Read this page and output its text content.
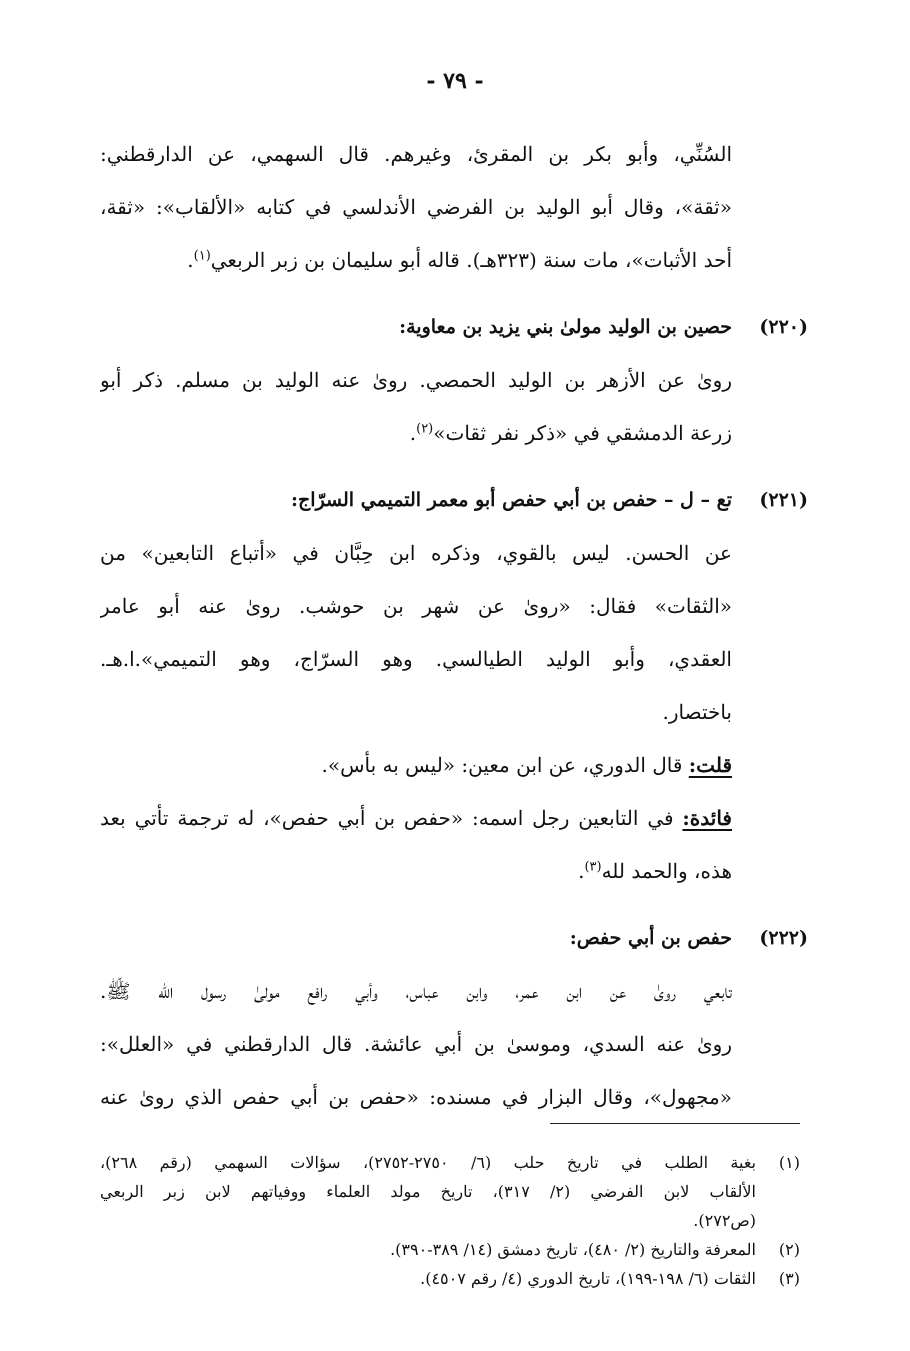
- ٧٩ -
السُنِّي، وأبو بكر بن المقرئ، وغيرهم. قال السهمي، عن الدارقطني:
«ثقة»، وقال أبو الوليد بن الفرضي الأندلسي في كتابه «الألقاب»: «ثقة،
أحد الأثبات»، مات سنة (٣٢٣هـ). قاله أبو سليمان بن زبر الربعي$^{(١)}$.
(٢٢٠)حصين بن الوليد مولىٰ بني يزيد بن معاوية:
روىٰ عن الأزهر بن الوليد الحمصي. روىٰ عنه الوليد بن مسلم. ذكر أبو
زرعة الدمشقي في «ذكر نفر ثقات»$^{(٢)}$.
(٢٢١)تع – ل – حفص بن أبي حفص أبو معمر التميمي السرّاج:
عن الحسن. ليس بالقوي، وذكره ابن حِبَّان في «أتباع التابعين» من
«الثقات» فقال: «روىٰ عن شهر بن حوشب. روىٰ عنه أبو عامر
العقدي، وأبو الوليد الطيالسي. وهو السرّاج، وهو التميمي».ا.هـ.
باختصار.
قلت: قال الدوري، عن ابن معين: «ليس به بأس».
فائدة: في التابعين رجل اسمه: «حفص بن أبي حفص»، له ترجمة تأتي بعد
هذه، والحمد لله$^{(٣)}$.
(٢٢٢)حفص بن أبي حفص:
تابعي روىٰ عن ابن عمر، وابن عباس، وأبي رافع مولىٰ رسول الله ﷺ.
روىٰ عنه السدي، وموسىٰ بن أبي عائشة. قال الدارقطني في «العلل»:
«مجهول»، وقال البزار في مسنده: «حفص بن أبي حفص الذي روىٰ عنه
(١)
بغية الطلب في تاريخ حلب (٦/ ٢٧٥٠-٢٧٥٢)، سؤالات السهمي (رقم ٢٦٨)،
الألقاب لابن الفرضي (٢/ ٣١٧)، تاريخ مولد العلماء ووفياتهم لابن زبر الربعي
(ص٢٧٢).
(٢)
المعرفة والتاريخ (٢/ ٤٨٠)، تاريخ دمشق (١٤/ ٣٨٩-٣٩٠).
(٣)
الثقات (٦/ ١٩٨-١٩٩)، تاريخ الدوري (٤/ رقم ٤٥٠٧).
